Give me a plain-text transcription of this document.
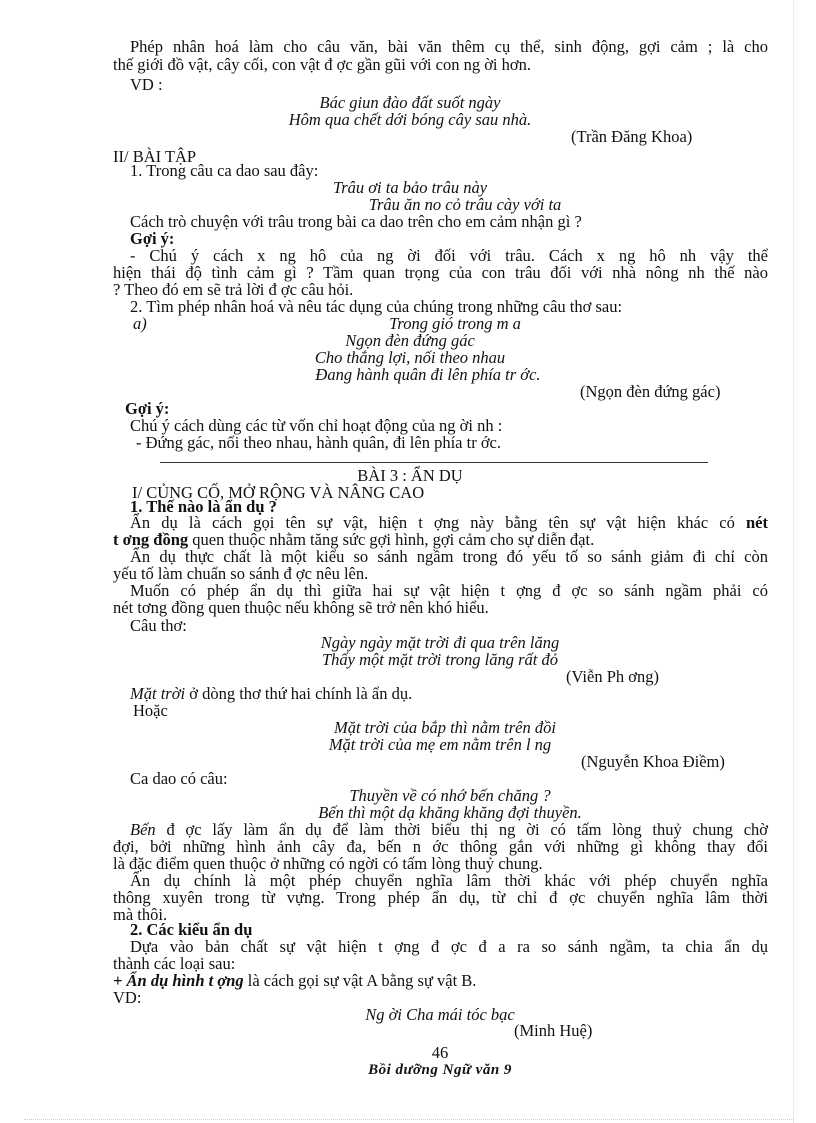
Phép nhân hoá làm cho câu văn, bài văn thêm cụ thể, sinh động, gợi cảm ; là cho
thế giới đồ vật, cây cối, con vật đ ợc gần gũi với con ng ời hơn.
VD :
Bác giun đào đất suốt ngày
Hôm qua chết dới bóng cây sau nhà.
(Trần Đăng Khoa)
II/ BÀI TẬP
1. Trong câu ca dao sau đây:
Trâu ơi ta bảo trâu này
Trâu ăn no cỏ trâu cày với ta
Cách trò chuyện với trâu trong bài ca dao trên cho em cảm nhận gì ?
Gợi ý:
- Chú ý cách x ng hô của ng ời đối với trâu. Cách x ng hô nh vậy thể
hiện thái độ tình cảm gì ? Tầm quan trọng của con trâu đối với nhà nông nh thế nào
? Theo đó em sẽ trả lời đ ợc câu hỏi.
2. Tìm phép nhân hoá và nêu tác dụng của chúng trong những câu thơ sau:
a)	Trong gió trong m a
Ngọn đèn đứng gác
Cho thắng lợi, nối theo nhau
Đang hành quân đi lên phía tr ớc.
(Ngọn đèn đứng gác)
Gợi ý:
Chú ý cách dùng các từ vốn chỉ hoạt động của ng ời nh :
- Đứng gác, nối theo nhau, hành quân, đi lên phía tr ớc.
BÀI 3 : ẨN DỤ
I/ CỦNG CỐ, MỞ RỘNG VÀ NÂNG CAO
1. Thế nào là ẩn dụ ?
Ẩn dụ là cách gọi tên sự vật, hiện t ợng này bằng tên sự vật hiện khác có nét
t ơng đồng quen thuộc nhằm tăng sức gợi hình, gợi cảm cho sự diễn đạt.
Ẩn dụ thực chất là một kiểu so sánh ngầm trong đó yếu tố so sánh giảm đi chỉ còn
yếu tố làm chuẩn so sánh đ ợc nêu lên.
Muốn có phép ẩn dụ thì giữa hai sự vật hiện t ợng đ ợc so sánh ngầm phải có
nét tơng đồng quen thuộc nếu không sẽ trở nên khó hiểu.
Câu thơ:
Ngày ngày mặt trời đi qua trên lăng
Thấy một mặt trời trong lăng rất đỏ
(Viễn Ph ơng)
Mặt trời ở dòng thơ thứ hai chính là ẩn dụ.
Hoặc
Mặt trời của bắp thì nằm trên đồi
Mặt trời của mẹ em nằm trên l ng
(Nguyễn Khoa Điềm)
Ca dao có câu:
Thuyền về có nhớ bến chăng ?
Bến thì một dạ khăng khăng đợi thuyền.
Bến đ ợc lấy làm ẩn dụ để làm thời biểu thị ng ời có tấm lòng thuỷ chung chờ
đợi, bởi những hình ảnh cây đa, bến n ớc thông gắn với những gì không thay đổi
là đặc điểm quen thuộc ở những có ngời có tấm lòng thuỷ chung.
Ẩn dụ chính là một phép chuyển nghĩa lâm thời khác với phép chuyển nghĩa
thông xuyên trong từ vựng. Trong phép ẩn dụ, từ chỉ đ ợc chuyển nghĩa lâm thời
mà thôi.
2. Các kiểu ẩn dụ
Dựa vào bản chất sự vật hiện t ợng đ ợc đ a ra so sánh ngầm, ta chia ẩn dụ
thành các loại sau:
+ Ẩn dụ hình t ợng là cách gọi sự vật A bằng sự vật B.
VD:
Ng ời Cha mái tóc bạc
(Minh Huệ)
46
Bồi dưỡng Ngữ văn 9
